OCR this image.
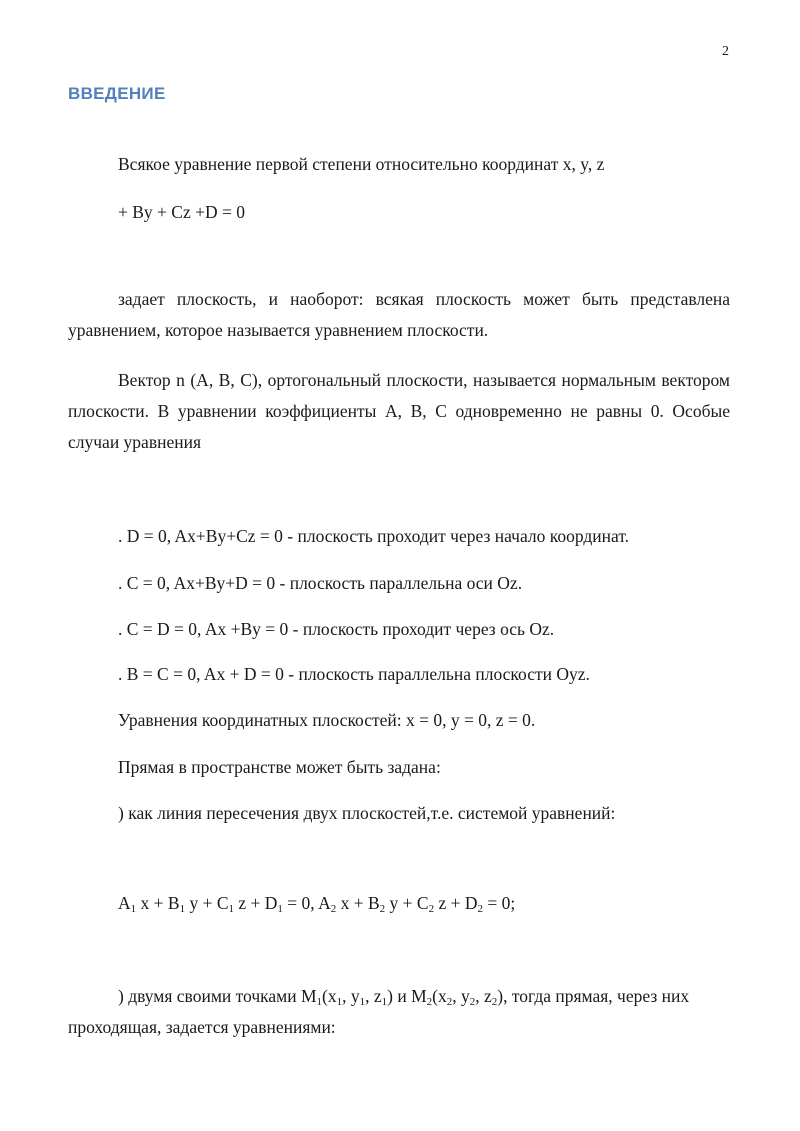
2
ВВЕДЕНИЕ
Всякое уравнение первой степени относительно координат x, y, z
+ By + Cz +D = 0
задает плоскость, и наоборот: всякая плоскость может быть представлена уравнением, которое называется уравнением плоскости.
Вектор n (A, B, C), ортогональный плоскости, называется нормальным вектором плоскости. В уравнении коэффициенты A, B, C одновременно не равны 0. Особые случаи уравнения
. D = 0, Ax+By+Cz = 0 - плоскость проходит через начало координат.
. C = 0, Ax+By+D = 0 - плоскость параллельна оси Oz.
. C = D = 0, Ax +By = 0 - плоскость проходит через ось Oz.
. B = C = 0, Ax + D = 0 - плоскость параллельна плоскости Oyz.
Уравнения координатных плоскостей: x = 0, y = 0, z = 0.
Прямая в пространстве может быть задана:
) как линия пересечения двух плоскостей,т.е. системой уравнений:
$A_1$ $x + B_1$ $y + C_1$ $z + D_1 = 0$, $A_2$ $x + B_2$ $y + C_2$ $z + D_2 = 0$;
) двумя своими точками $M_1(x_1$, $y_1$, $z_1$) и $M_2(x_2$, $y_2$, $z_2$), тогда прямая, через них
проходящая, задается уравнениями:
